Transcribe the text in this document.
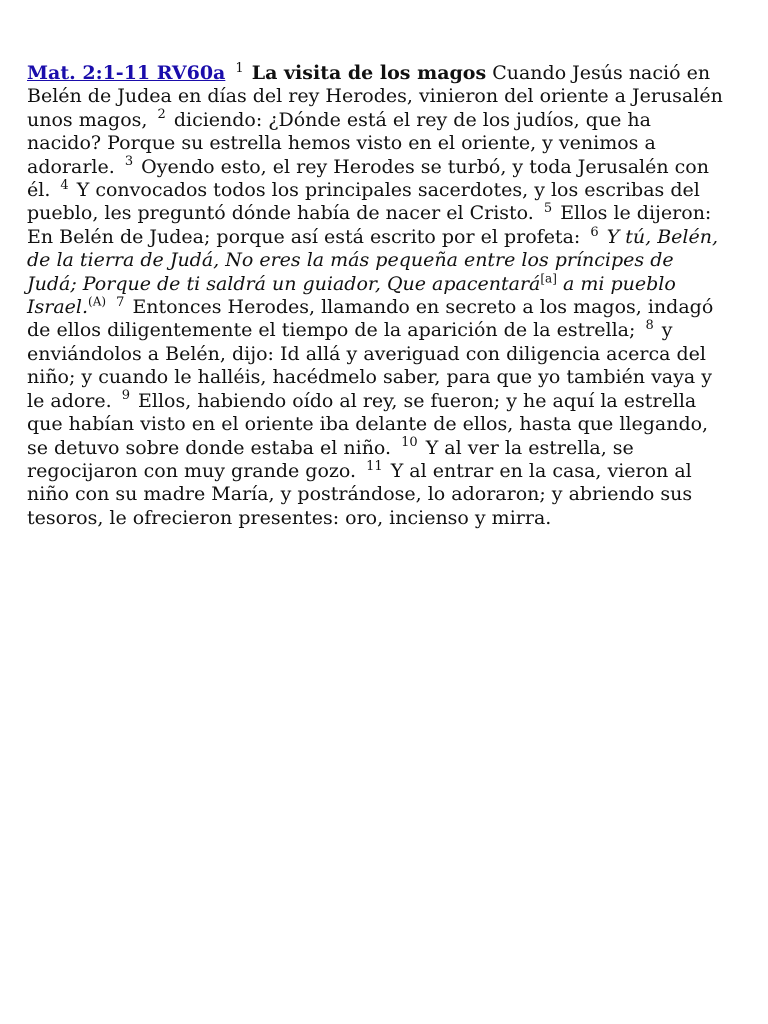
Mat. 2:1-11 RV60a $^1$ La visita de los magos Cuando Jesús nació en Belén de Judea en días del rey Herodes, vinieron del oriente a Jerusalén unos magos, $^2$ diciendo: ¿Dónde está el rey de los judíos, que ha nacido? Porque su estrella hemos visto en el oriente, y venimos a adorarle. $^3$ Oyendo esto, el rey Herodes se turbó, y toda Jerusalén con él. $^4$ Y convocados todos los principales sacerdotes, y los escribas del pueblo, les preguntó dónde había de nacer el Cristo. $^5$ Ellos le dijeron: En Belén de Judea; porque así está escrito por el profeta: $^6$ Y tú, Belén, de la tierra de Judá, No eres la más pequeña entre los príncipes de Judá; Porque de ti saldrá un guiador, Que apacentará[a] a mi pueblo Israel.$^{(A)}$ $^7$ Entonces Herodes, llamando en secreto a los magos, indagó de ellos diligentemente el tiempo de la aparición de la estrella; $^8$ y enviándolos a Belén, dijo: Id allá y averiguad con diligencia acerca del niño; y cuando le halléis, hacédmelo saber, para que yo también vaya y le adore. $^9$ Ellos, habiendo oído al rey, se fueron; y he aquí la estrella que habían visto en el oriente iba delante de ellos, hasta que llegando, se detuvo sobre donde estaba el niño. $^{10}$ Y al ver la estrella, se regocijaron con muy grande gozo. $^{11}$ Y al entrar en la casa, vieron al niño con su madre María, y postrándose, lo adoraron; y abriendo sus tesoros, le ofrecieron presentes: oro, incienso y mirra.
